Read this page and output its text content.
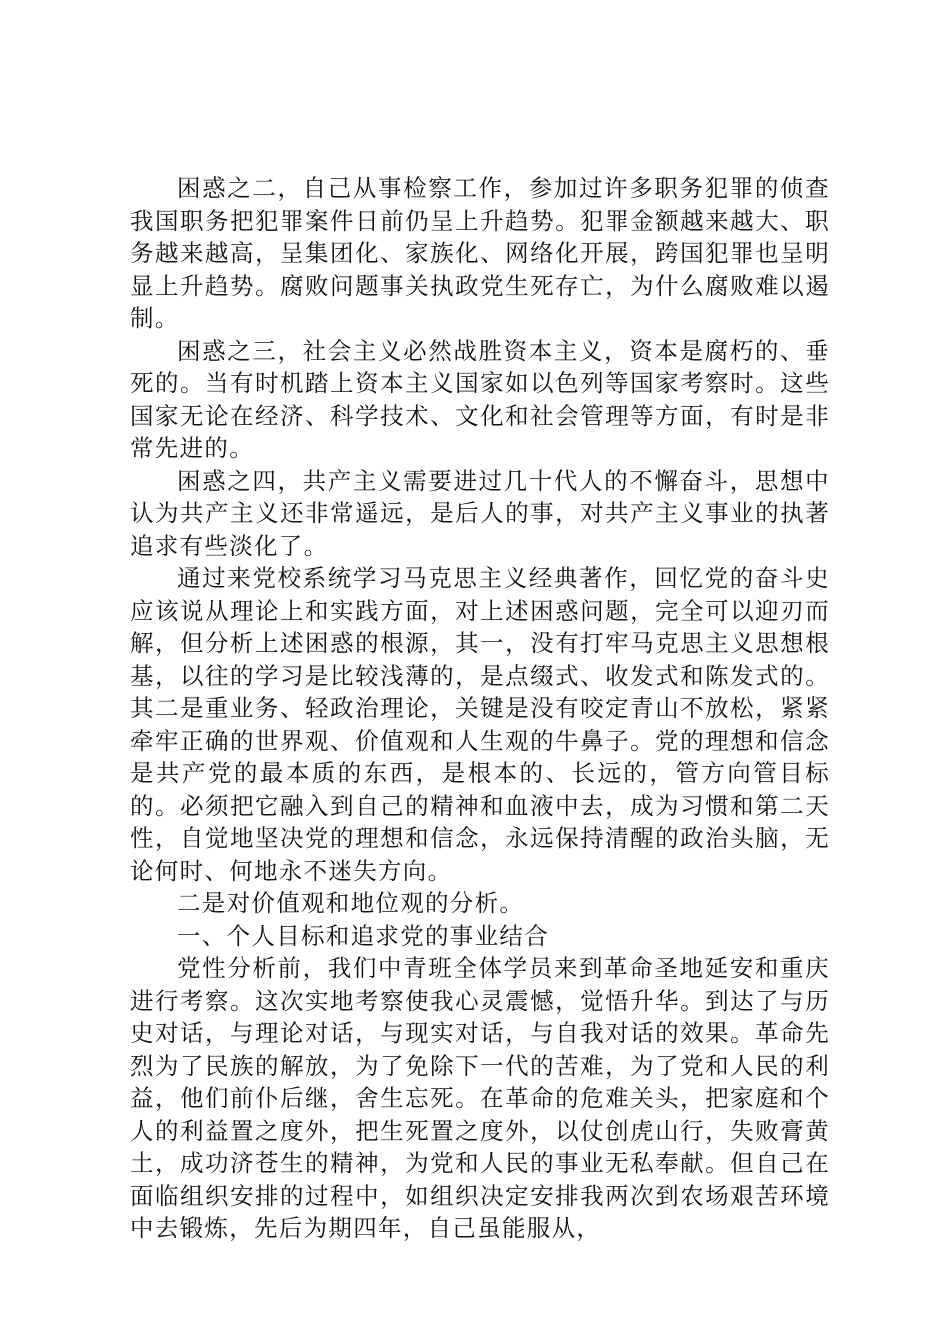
困惑之二，自己从事检察工作，参加过许多职务犯罪的侦查我国职务把犯罪案件日前仍呈上升趋势。犯罪金额越来越大、职务越来越高，呈集团化、家族化、网络化开展，跨国犯罪也呈明显上升趋势。腐败问题事关执政党生死存亡，为什么腐败难以遏制。

困惑之三，社会主义必然战胜资本主义，资本是腐朽的、垂死的。当有时机踏上资本主义国家如以色列等国家考察时。这些国家无论在经济、科学技术、文化和社会管理等方面，有时是非常先进的。

困惑之四，共产主义需要进过几十代人的不懈奋斗，思想中认为共产主义还非常遥远，是后人的事，对共产主义事业的执著追求有些淡化了。

通过来党校系统学习马克思主义经典著作，回忆党的奋斗史应该说从理论上和实践方面，对上述困惑问题，完全可以迎刃而解，但分析上述困惑的根源，其一，没有打牢马克思主义思想根基，以往的学习是比较浅薄的，是点缀式、收发式和陈发式的。其二是重业务、轻政治理论，关键是没有咬定青山不放松，紧紧牵牢正确的世界观、价值观和人生观的牛鼻子。党的理想和信念是共产党的最本质的东西，是根本的、长远的，管方向管目标的。必须把它融入到自己的精神和血液中去，成为习惯和第二天性，自觉地坚决党的理想和信念，永远保持清醒的政治头脑，无论何时、何地永不迷失方向。

二是对价值观和地位观的分析。

一、个人目标和追求党的事业结合

党性分析前，我们中青班全体学员来到革命圣地延安和重庆进行考察。这次实地考察使我心灵震憾，觉悟升华。到达了与历史对话，与理论对话，与现实对话，与自我对话的效果。革命先烈为了民族的解放，为了免除下一代的苦难，为了党和人民的利益，他们前仆后继，舍生忘死。在革命的危难关头，把家庭和个人的利益置之度外，把生死置之度外，以仗创虎山行，失败膏黄土，成功济苍生的精神，为党和人民的事业无私奉献。但自己在面临组织安排的过程中，如组织决定安排我两次到农场艰苦环境中去锻炼，先后为期四年，自己虽能服从，
